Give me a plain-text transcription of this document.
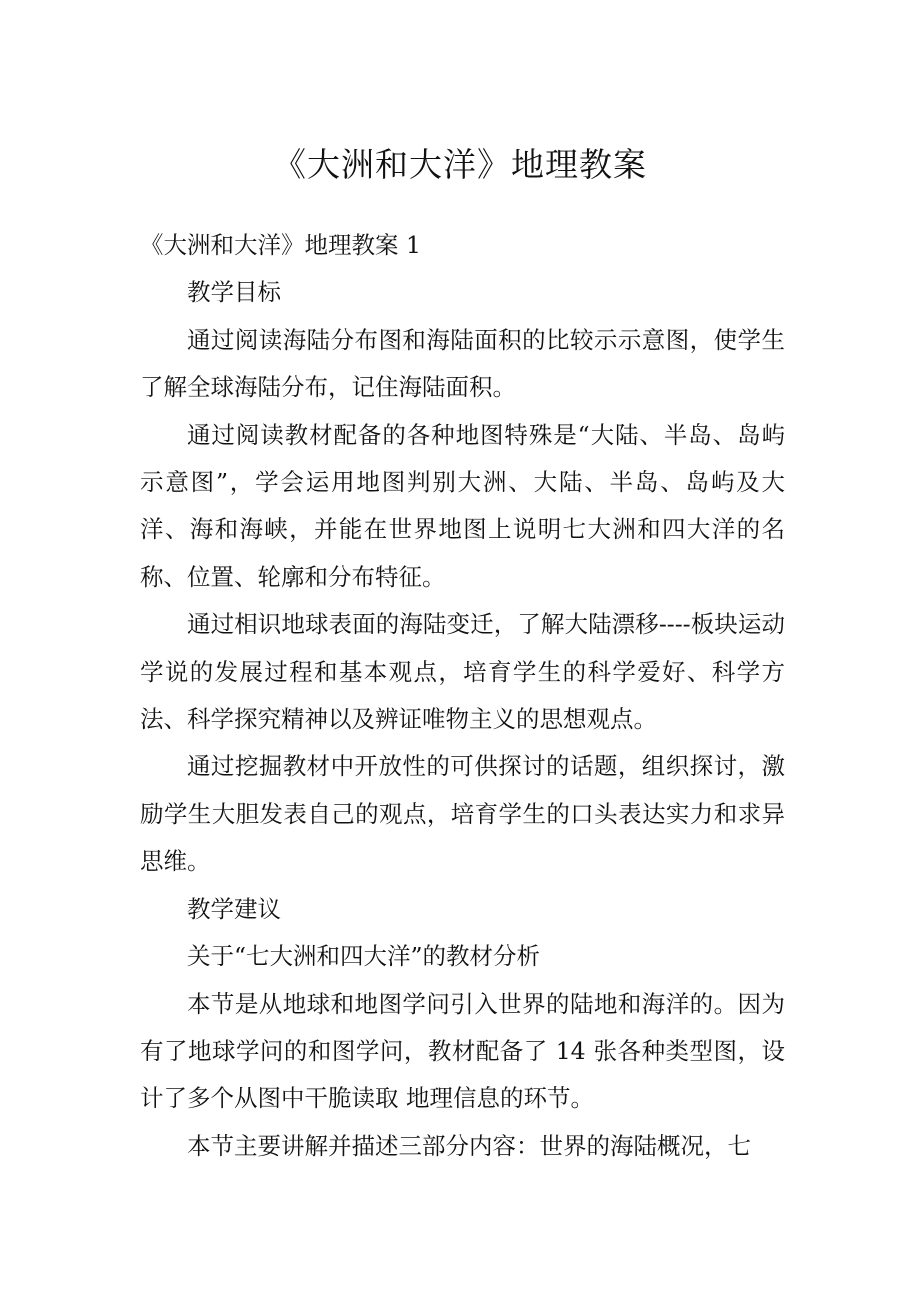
《大洲和大洋》地理教案

《大洲和大洋》地理教案 1

教学目标

通过阅读海陆分布图和海陆面积的比较示示意图，使学生了解全球海陆分布，记住海陆面积。

通过阅读教材配备的各种地图特殊是“大陆、半岛、岛屿示意图”，学会运用地图判别大洲、大陆、半岛、岛屿及大洋、海和海峡，并能在世界地图上说明七大洲和四大洋的名称、位置、轮廓和分布特征。

通过相识地球表面的海陆变迁，了解大陆漂移----板块运动学说的发展过程和基本观点，培育学生的科学爱好、科学方法、科学探究精神以及辨证唯物主义的思想观点。

通过挖掘教材中开放性的可供探讨的话题，组织探讨，激励学生大胆发表自己的观点，培育学生的口头表达实力和求异思维。

教学建议

关于“七大洲和四大洋”的教材分析

本节是从地球和地图学问引入世界的陆地和海洋的。因为有了地球学问的和图学问，教材配备了 14 张各种类型图，设计了多个从图中干脆读取 地理信息的环节。

本节主要讲解并描述三部分内容：世界的海陆概况，七
